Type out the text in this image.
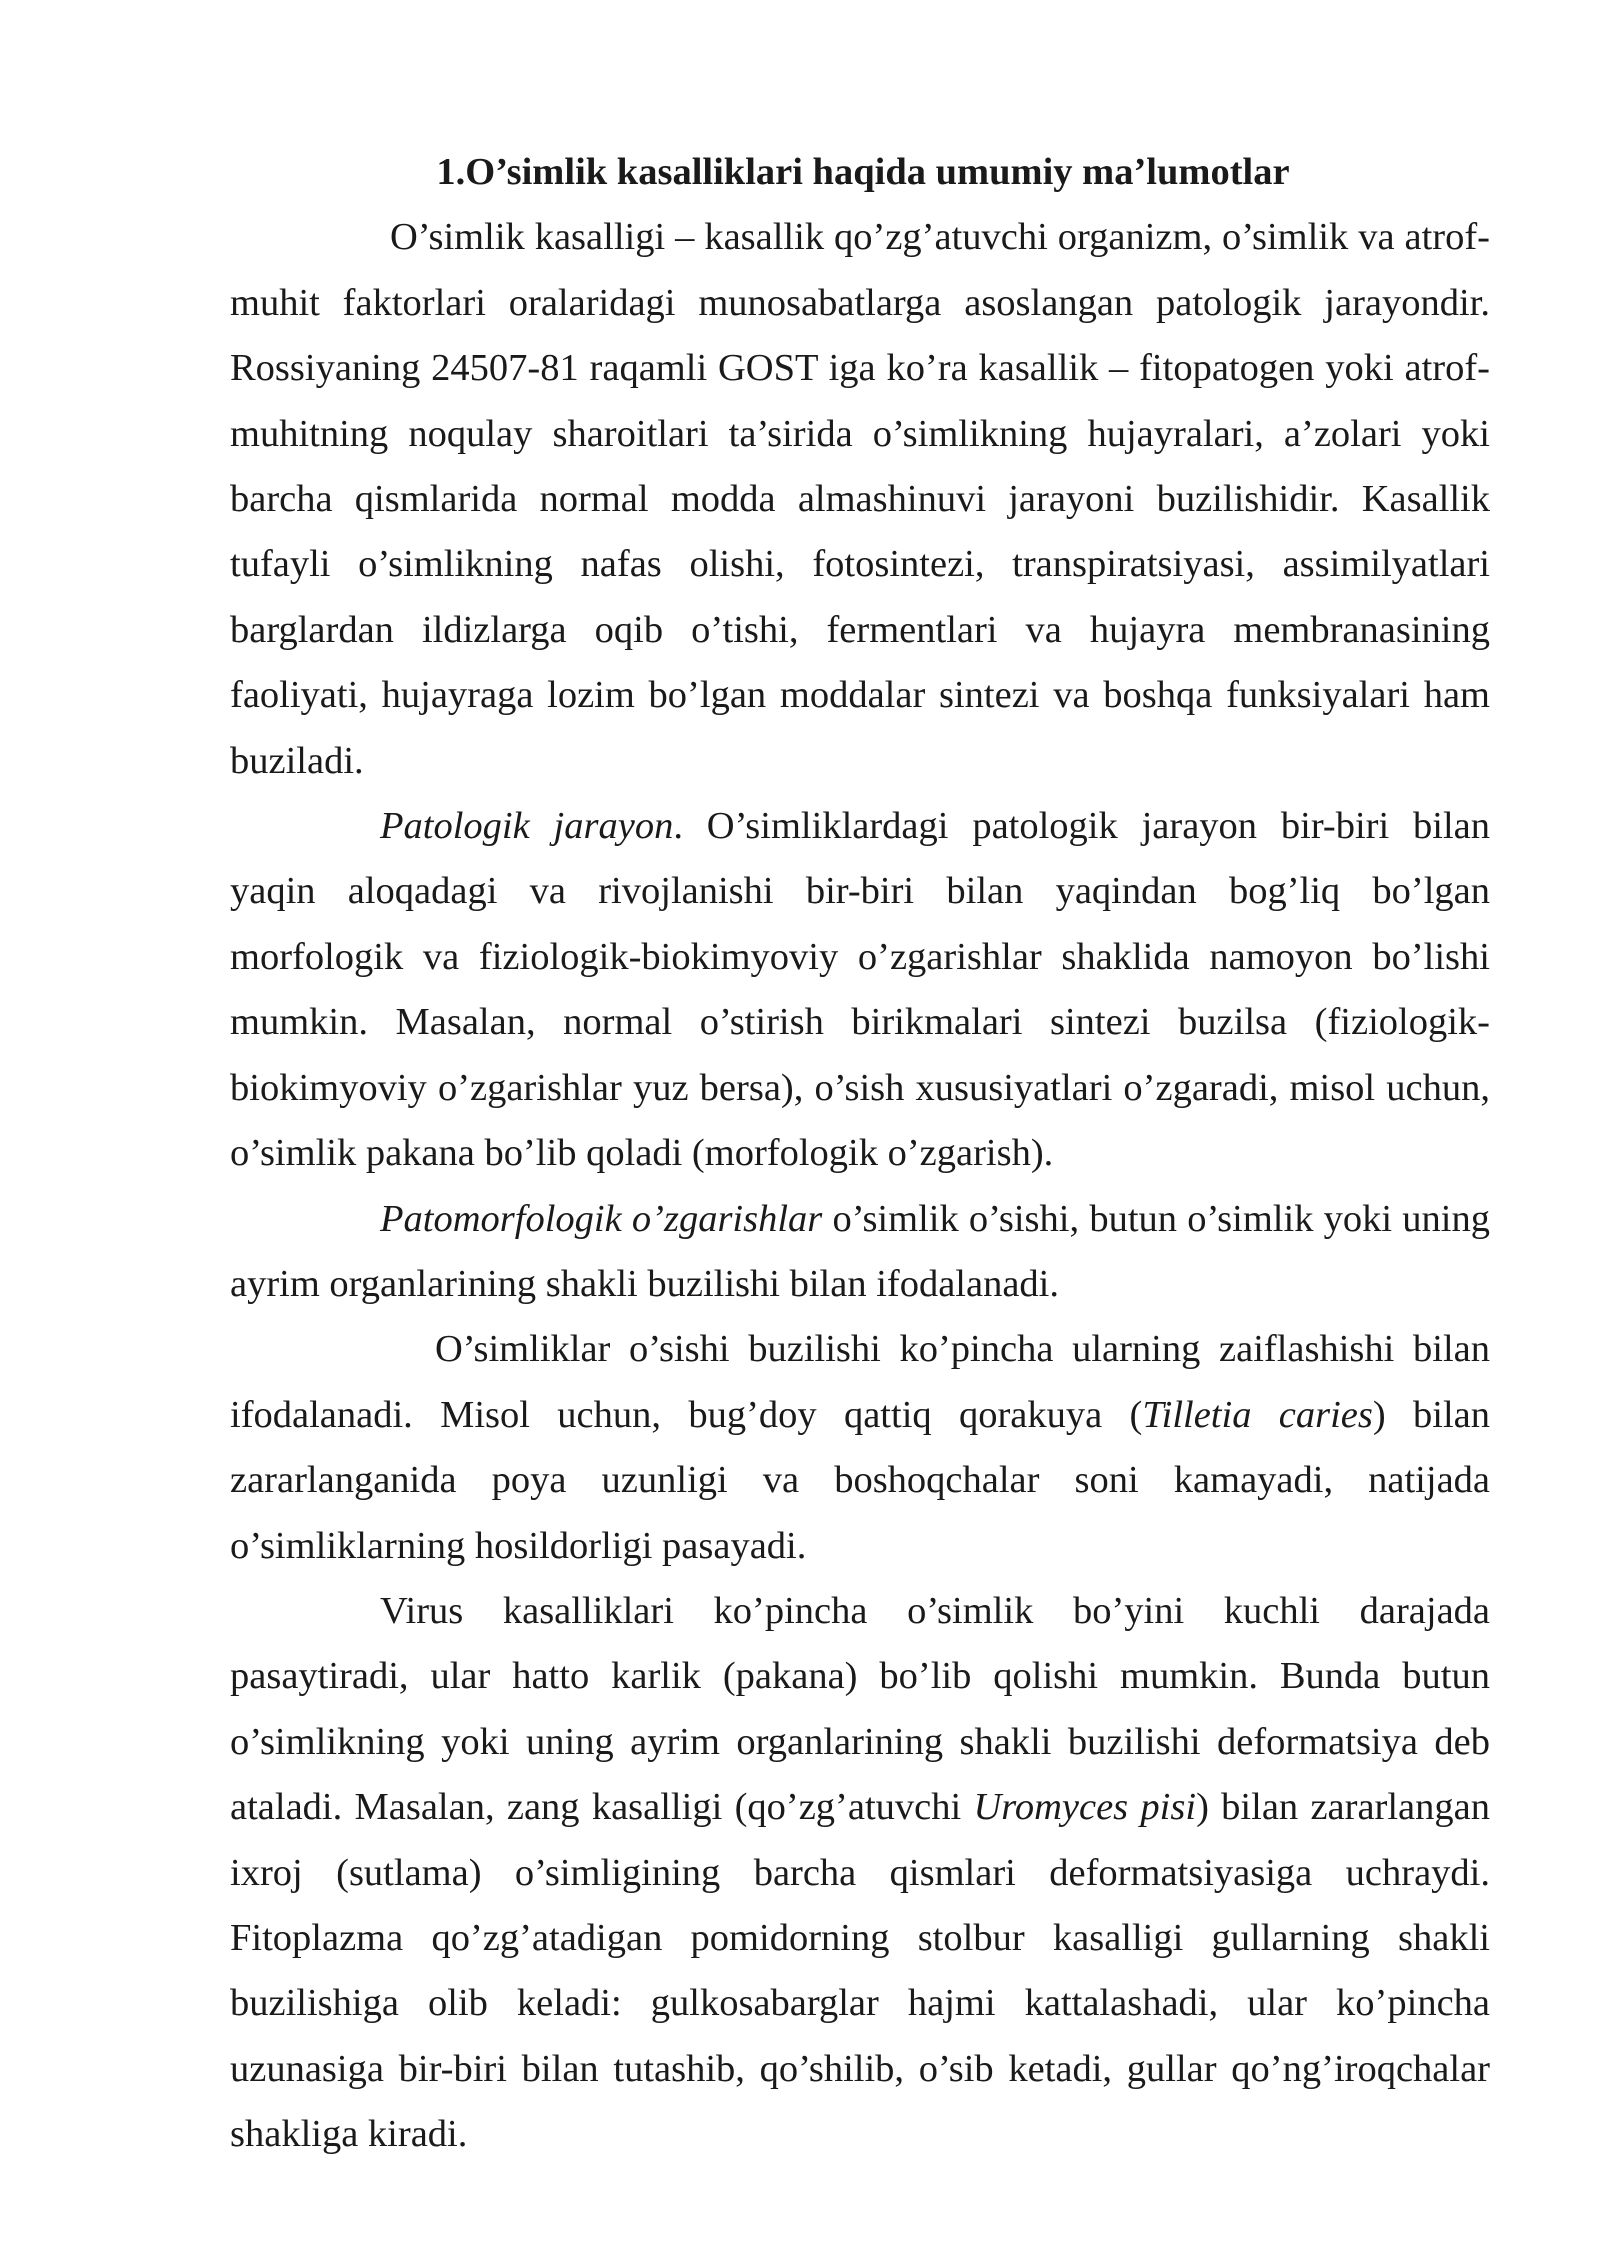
1.O’simlik kasalliklari haqida umumiy ma’lumotlar

O’simlik kasalligi – kasallik qo’zg’atuvchi organizm, o’simlik va atrof-muhit faktorlari oralaridagi munosabatlarga asoslangan patologik jarayondir. Rossiyaning 24507-81 raqamli GOST iga ko’ra kasallik – fitopatogen yoki atrof-muhitning noqulay sharoitlari ta’sirida o’simlikning hujayralari, a’zolari yoki barcha qismlarida normal modda almashinuvi jarayoni buzilishidir. Kasallik tufayli o’simlikning nafas olishi, fotosintezi, transpiratsiyasi, assimilyatlari barglardan ildizlarga oqib o’tishi, fermentlari va hujayra membranasining faoliyati, hujayraga lozim bo’lgan moddalar sintezi va boshqa funksiyalari ham buziladi.

Patologik jarayon. O’simliklardagi patologik jarayon bir-biri bilan yaqin aloqadagi va rivojlanishi bir-biri bilan yaqindan bog’liq bo’lgan morfologik va fiziologik-biokimyoviy o’zgarishlar shaklida namoyon bo’lishi mumkin. Masalan, normal o’stirish birikmalari sintezi buzilsa (fiziologik-biokimyoviy o’zgarishlar yuz bersa), o’sish xususiyatlari o’zgaradi, misol uchun, o’simlik pakana bo’lib qoladi (morfologik o’zgarish).

Patomorfologik o’zgarishlar o’simlik o’sishi, butun o’simlik yoki uning ayrim organlarining shakli buzilishi bilan ifodalanadi.

O’simliklar o’sishi buzilishi ko’pincha ularning zaiflashishi bilan ifodalanadi. Misol uchun, bug’doy qattiq qorakuya (Tilletia caries) bilan zararlanganida poya uzunligi va boshoqchalar soni kamayadi, natijada o’simliklarning hosildorligi pasayadi.

Virus kasalliklari ko’pincha o’simlik bo’yini kuchli darajada pasaytiradi, ular hatto karlik (pakana) bo’lib qolishi mumkin. Bunda butun o’simlikning yoki uning ayrim organlarining shakli buzilishi deformatsiya deb ataladi. Masalan, zang kasalligi (qo’zg’atuvchi Uromyces pisi) bilan zararlangan ixroj (sutlama) o’simligining barcha qismlari deformatsiyasiga uchraydi. Fitoplazma qo’zg’atadigan pomidorning stolbur kasalligi gullarning shakli buzilishiga olib keladi: gulkosabarglar hajmi kattalashadi, ular ko’pincha uzunasiga bir-biri bilan tutashib, qo’shilib, o’sib ketadi, gullar qo’ng’iroqchalar shakliga kiradi.
